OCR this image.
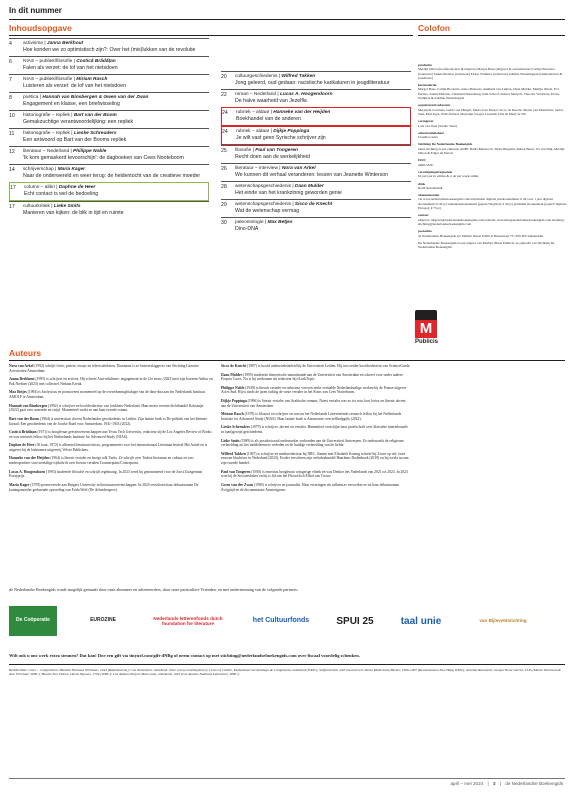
In dit nummer
Inhoudsopgave	Colofon
4	activisme | Janna Berkhout
Hoe konden we zo optimistisch zijn?: Over het (mis)lukken van de revolutie
6	NIAS – publiek/filosofie | Costică Brădățan
Falen als verzet: de lof van het nietsdoen
7	NIAS – publiek/filosofie | Miriam Rasch
Luisteren als verzet: de lof van het nietsdoen
8	poëtica | Hannah van Binsbergen & Gwen van der Zwan
Engagement en klasse, een briefwisseling
10	historiografie – repliek | Bart van der Boom
Gemakzuchtige verantwoordelijking: een repliek
11	historiografie – repliek | Lieske Schreuders
Een antwoord op Bart van der Booms repliek
12	literatuur – Nederland | Philippe Noble
'Ik kom gemaskerd tevoorschijn': de dagboeken van Cees Nooteboom
14	schrijverschap | Maria Kager
Naar de onderwereld en weer terug: de heldentocht van de creatieve moeder
17	column – alibri | Daphne de Heer
Echt contact is wel de bedoeling
17	cultuurkritiek | Lieke Smits
Manieren van kijken: de blik in tijd en ruimte
20	cultuurgeschiedenis | Wilfred Takken
Jong geleerd, oud gedaan: racistische karikaturen in jeugdliteratuur
22	roman – Nederland | Lucas A. Hoogendoorn
De halve waarheid van Jezelfla
24	rubriek – aldaar | Hanneke van der Heijden
Boekhandel van de anderen
24	rubriek – aldaar | Dijkje Poppinga
Je wilt vast geen Syrische schrijver zijn
25	filosofie | Paul van Tongeren
Recht doen aan de werkelijkheid
26	literatuur – interview | Nora van Arkel
We kunnen dit verhaal veranderen: lessen van Jeanette Winterson
28	wetenschapsgeschiedenis | Daan Mulder
Het einde van het krankzinnig geworden genie
29	wetenschapsgeschiedenis | Sicco de Knecht
Wat de wetenschap vermag
30	paleontologie | Max Betjes
Dino-DNA
productie
Merlijn Olnon (hoofdredacteur & uitgever) Margot Baas (uitgever & webredacteur) Catlijn Boonstra (redacteur) Saskia Pieterse (redacteur) Eloise Wolkiers (redacteur) Adeline Westerkappel (eindredacteur & proeflezer)
kernredactie
Margot Baas, Catlijn Boonstra, Jesko Brouwer, Adelheid van Luijten, Daan Mulder, Merlijn Olnon, Evi Peeters, Saskia Pieterse, Christiaan Rasenberg, Kim Schoof, Kristel Smeyers, Theodor Verdonck, Eloise Wolkiers & Adeline Westerkappel
acquirerend redacteur
Merjolein Courtens, Guido van Hengel, Maria-José Klaver, Sicco de Knecht, Monet van Monsfrans, Guido Snel, Paul Teyn, Wim Verbaal, Marjolijn Voogel, Liesbeth Vliet & Marij de Wit
vormgever
Loïs van Veen (Studio Veen)
advertentiebeheer
Claudia Castro
Stichting De Nederlandse Boekengids
Onze stichting is een culturele ANBI. Bodia Bentaroch, Tijrke Bergeim, Ruben Buwe, Yn van Dijk, Merlijn Olnon & Edgar du Perron
ISSN
2468-5526
verschijningsfrequentie
6x per jaar in edities & 2-4x per week online
druk
Roelf Rotatiedruk
abonnementen
via www.nederlandseboekengids.com/webwinkel digitaal jaarabonnement: € 26 voor 1 jaar digitaal abonnement: € 40 p/j studentenabonnement (papier+digitaal): € 40 p/j premium abonnement (papier+digitaal, Europa): € 75 p/j
contact
uitgever: uitgever@nederlandseboekengids.com redactie: secretaris@nederlandseboekengids.com stichting: stichting@nederlandseboekengids.com
postadres
de Nederlandse Boekengids p/a Merlijn Olnon Publicis Blaeustraat 73 1076 DN Amsterdam
De Nederlandse Boekengids is een uitgave van Merlijn Olnon Publicis, in opdracht van Stichting De Nederlandse Boekengids
M
Publicis
Auteurs

Nora van Arkel (1992) schrijft fictie, poëzie, essays en televisieteksten. Daarnaast is ze huisverslaggever van Stichting Literaire Activiteiten Amsterdam.

Janna Berkhout (1995) is schrijver en activist. Hij schreef Anti-nihilisme: engagement in de 21e eeuw (2023) met zijn boezem Arthur en Pak Nieboer (2023) met collectief Nedaan Kreuk.

Max Betjes (1994) is biofysicus en promoveert momenteel op de overrekeningbiologie van de dino-dna aan het Nederlands Instituut AMOLF te Amsterdam.

Hannah van Binsbergen (1992) is schrijver en hoofdredacteur van Jonkheer Nederland. Haar meest recente dichtbundel Koksmijn (2022) gaat over armoede en strijd. Momenteel werkt ze aan haar tweede roman.

Bart van der Boom (1964) is universitair docent Nederlandse geschiedenis in Leiden. Zijn laatste boek is De politiek van het kleinste kwaad. Een geschiedenis van de Joodse Raad voor Amsterdam, 1941-1943 (2022).

Costică Brădățan (1971) is hoogleraar geesteswetenschappen aan Texas Tech University, redacteur bij de Los Angeles Review of Books en was research fellow bij het Netherlands Institute for Advanced Study (NIAS).

Daphne de Heer (Al haar, 1972) is alboeaal literatuurcriticus, programmeert voor het internationaal Literatuurfestival Het Aarde en is uitgever bij de lesbiaanse uitgeverij Velvet Publishers.

Hanneke van der Heijden (1964) is literair vertaler en bezigt tolk Turks. Ze schrijft over Turkse literatuur en cultuur en was medeoprichter van tweetalige tijdschrift over literair vertalen Counterpoint/Contrepoint.

Lucas A. Hoogendoorn (1993) studeerde filosofie en schrijft regelmatig. In 2023 werd hij genomineerd voor de Joost Zwagerman Essayprijs.

Maria Kager (1978) promoveerde aan Rutgers University in literatuurwetenschappen. In 2024 verschoen haar debuutroman De koningsmoeder gedurende opvoeding van Frida Wolf (De Arbeiderspers).

Sicco de Knecht (1987) is hoofd onderzoeksbeleid bij de Universiteit Leiden. Hij was eerder hoofdredacteur van ScienceGuide.

Daan Mulder (1995) studeerde theoretische natuurkunde aan de Universiteit van Amsterdam en schreef voor onder andere Propria Cures. Nu is hij werkzaam als redacteur bij eLinkTopic.

Philippe Noble (1949) is literair vertaler en redacteur van een reeks vertaalde Nederlandstalige werken bij de Franse uitgever Actes Sud. Hij is sinds de jaren tachtig de vaste vertaler in het Frans van Cees Nooteboom.

Dijkje Poppinga (1996) is literair vertaler van Arabische romans. Nuest vertaler was ze tot voor kort lector en literair docent aan de Universiteit van Amsterdam.

Miriam Rasch (1978) is filosoof en schrijver en was nu het Nederlands Letterenfonds research fellow bij het Netherlands Institute for Advanced Study (NIAS). Haar laatste boek is Autonomie: een zelfhulpgids (2022).

Lieske Schreuders (1979) is schrijver, docent en vertaler. Binnenkort verschijnt haar proefschrift over klassieke intertekstuele in (aan)gewijd geschiedenis.

Lieke Smits (1989) is als postdoctoraal onderzoeker verbonden aan de Universiteit Antwerpen. Ze onderzoekt de religieuze verbeelding uit het middeleeuwse verleden en de huidige verbeelding van de liefde.

Wilfred Takken (1967) is schrijver en mediaredacteur bij NRC. Samen met Elisabeth Koning schreef hij Zwart op wit: twee eeuwen blackface in Nederland (2023). Eerder verscheen zijn verhalenbundel Haarlems Dodenboek (2019) en hij werkt nu aan zijn tweede bundel.

Paul van Tongeren (1950) is emeritus hoogleraar wijsgerige ethiek en was Denker des Vaderlands van 2021 tot 2023. In 2023 won hij de Socratesbeker en hij is lid van het Filosofisch Elftal van Trouw.

Gwen van der Zwan (1990) is schrijver en journalist. Haar ervaringen als influencer verwerkte ze tot haar debuutroman Zwijgtijd en de documentaire Amsterigram.

de Nederlandse Boekengids wordt mogelijk gemaakt door onze abonnees en adverteerders, door onze particuliere Vrienden, en met ondersteuning van de volgende partners:
De Coöperatie	EUROZINE	Nederlands letterenfonds dutch foundation for literature	het Cultuurfonds	SPUI 25	taal unie	van Bijleveldstichting
Wilt ook u ons werk extra steunen? Dat kan! Doe een gift via tinyurl.com/gift-dNBg of neem contact op met stichting@nederlandseboekengids.com over fiscaal voordelig schenken.
Beeldcredits: cover – Composition, Hendrik Nicolaas Werkman, 1944 (Rijksmuseum); Cas Illustraties, onbekend, 2022 (www.creativbyderer); Ursus of Castile, Kathedraal van Santiago de Compostela, onbekend (WMC); Selfportretten with hat and veil, Paula Modersohn-Becker, 1906-1907 (Kunstmuseum Den Haag WMC); Antonio Ravenzoli, Jacopo Tiene Garcia, 1545 (Museo Nacional de Arte Virreinal; WMC); Hoenis Een Thiene, David Vignons, 1704 (WMC); Los Alamos Project Main Gate, onbekend, 1945 (Los Alamos National Laboratory WMC).
april – mei 2024 | 3 | de Nederlandse Boekengids
